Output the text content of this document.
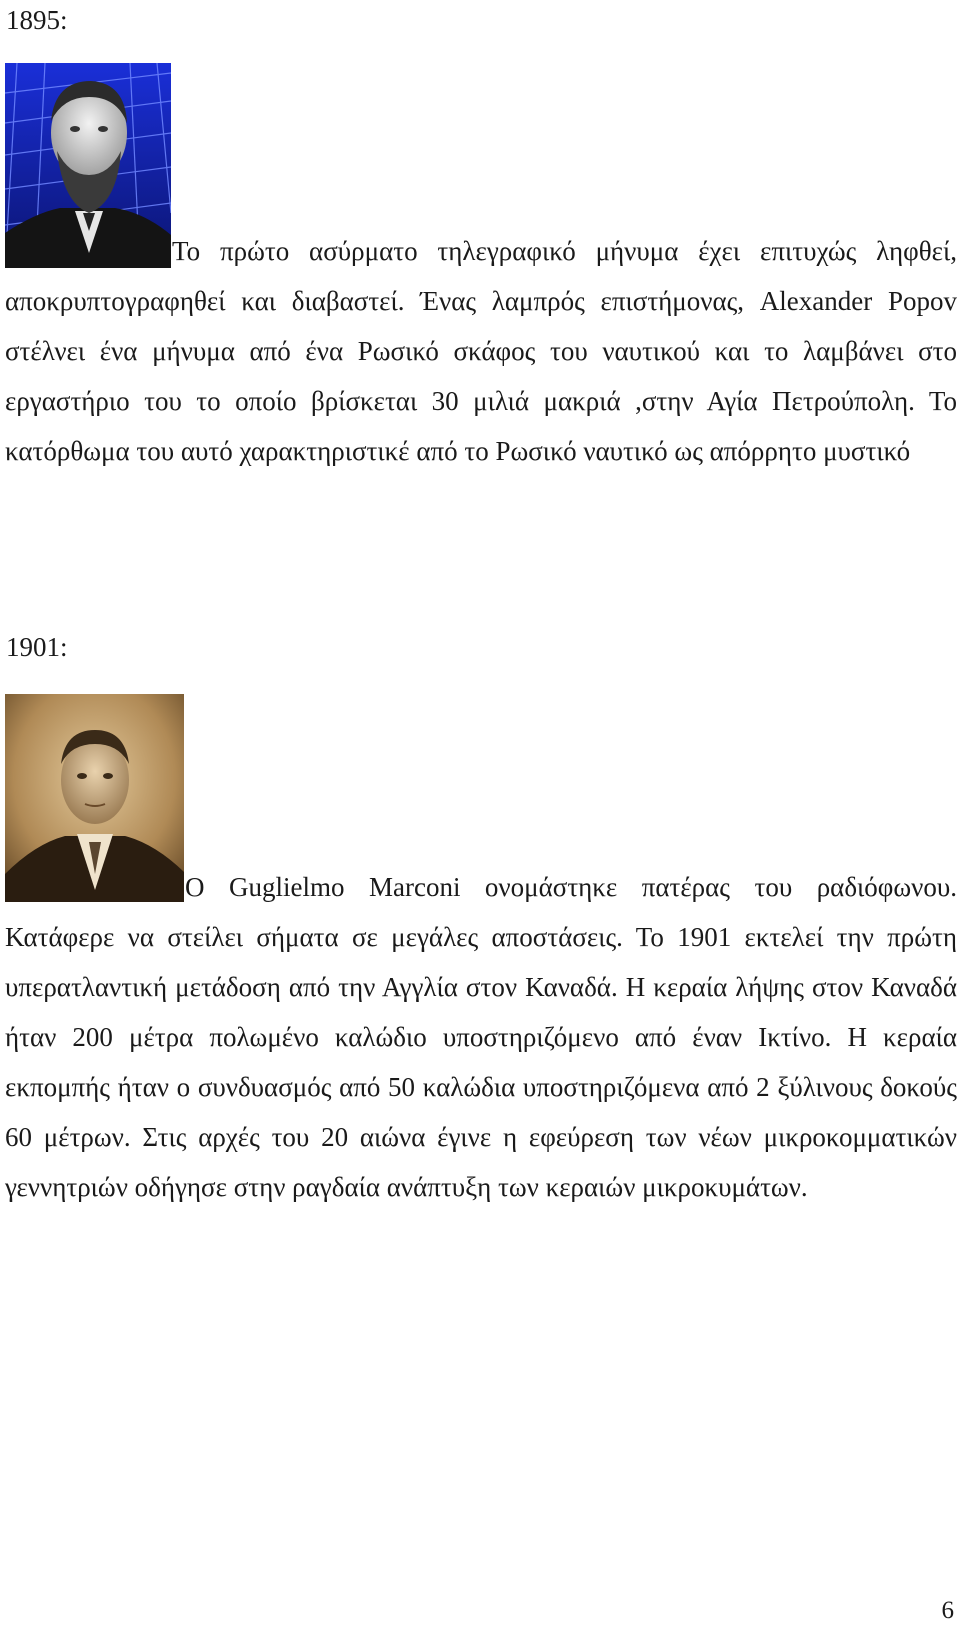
1895:

Το πρώτο ασύρματο τηλεγραφικό μήνυμα έχει επιτυχώς ληφθεί, αποκρυπτογραφηθεί και διαβαστεί. Ένας λαμπρός επιστήμονας, Alexander Popov στέλνει ένα μήνυμα από ένα Ρωσικό σκάφος του ναυτικού και το λαμβάνει στο εργαστήριο του το οποίο βρίσκεται 30 μιλιά μακριά ,στην Αγία Πετρούπολη. Το κατόρθωμα του αυτό χαρακτηριστικέ από το Ρωσικό ναυτικό ως απόρρητο μυστικό

1901:

Ο Guglielmo Marconi ονομάστηκε πατέρας του ραδιόφωνου. Κατάφερε να στείλει σήματα σε μεγάλες αποστάσεις. Το 1901 εκτελεί την πρώτη υπερατλαντική μετάδοση από την Αγγλία στον Καναδά. Η κεραία λήψης στον Καναδά ήταν 200 μέτρα πολωμένο καλώδιο υποστηριζόμενο από έναν Ικτίνο. Η κεραία εκπομπής ήταν ο συνδυασμός από 50 καλώδια υποστηριζόμενα από 2 ξύλινους δοκούς 60 μέτρων. Στις αρχές του 20 αιώνα έγινε η εφεύρεση των νέων μικροκομματικών γεννητριών οδήγησε στην ραγδαία ανάπτυξη των κεραιών μικροκυμάτων.

6
